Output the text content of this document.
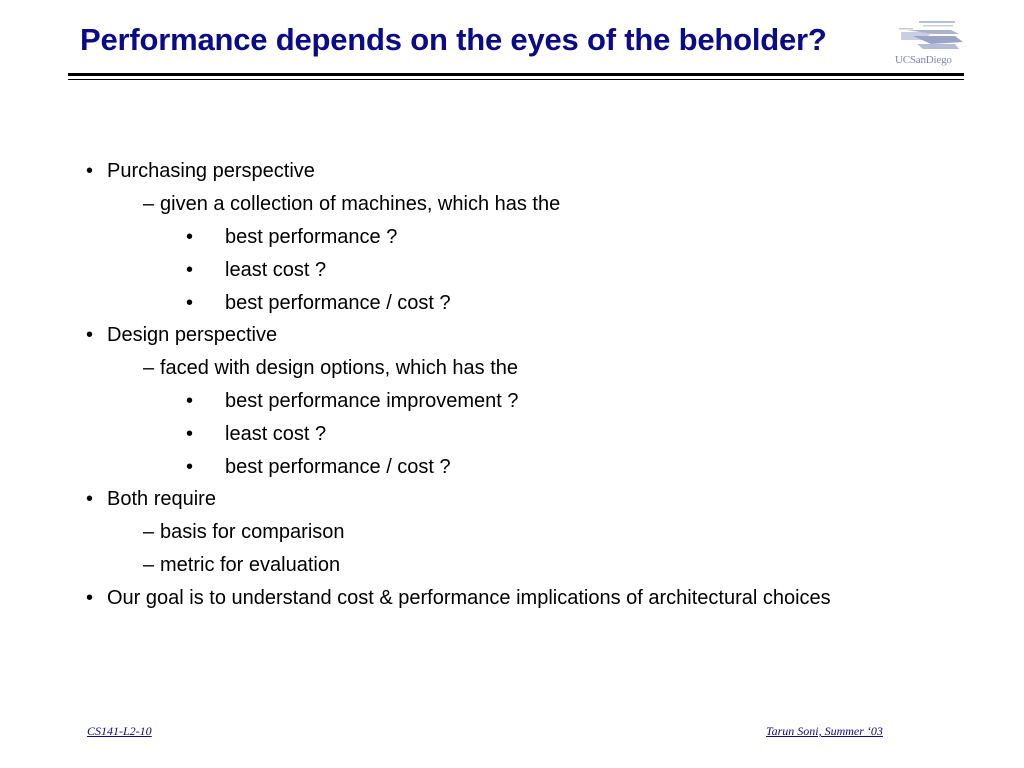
UCSanDiego
Performance depends on the eyes of the beholder?
• Purchasing perspective
– given a collection of machines, which has the
• best performance ?
• least cost ?
• best performance / cost ?
• Design perspective
– faced with design options, which has the
• best performance improvement ?
• least cost ?
• best performance / cost ?
• Both require
– basis for comparison
– metric for evaluation
• Our goal is to understand cost & performance implications of architectural choices
CS141-L2-10	Tarun Soni, Summer ‘03
